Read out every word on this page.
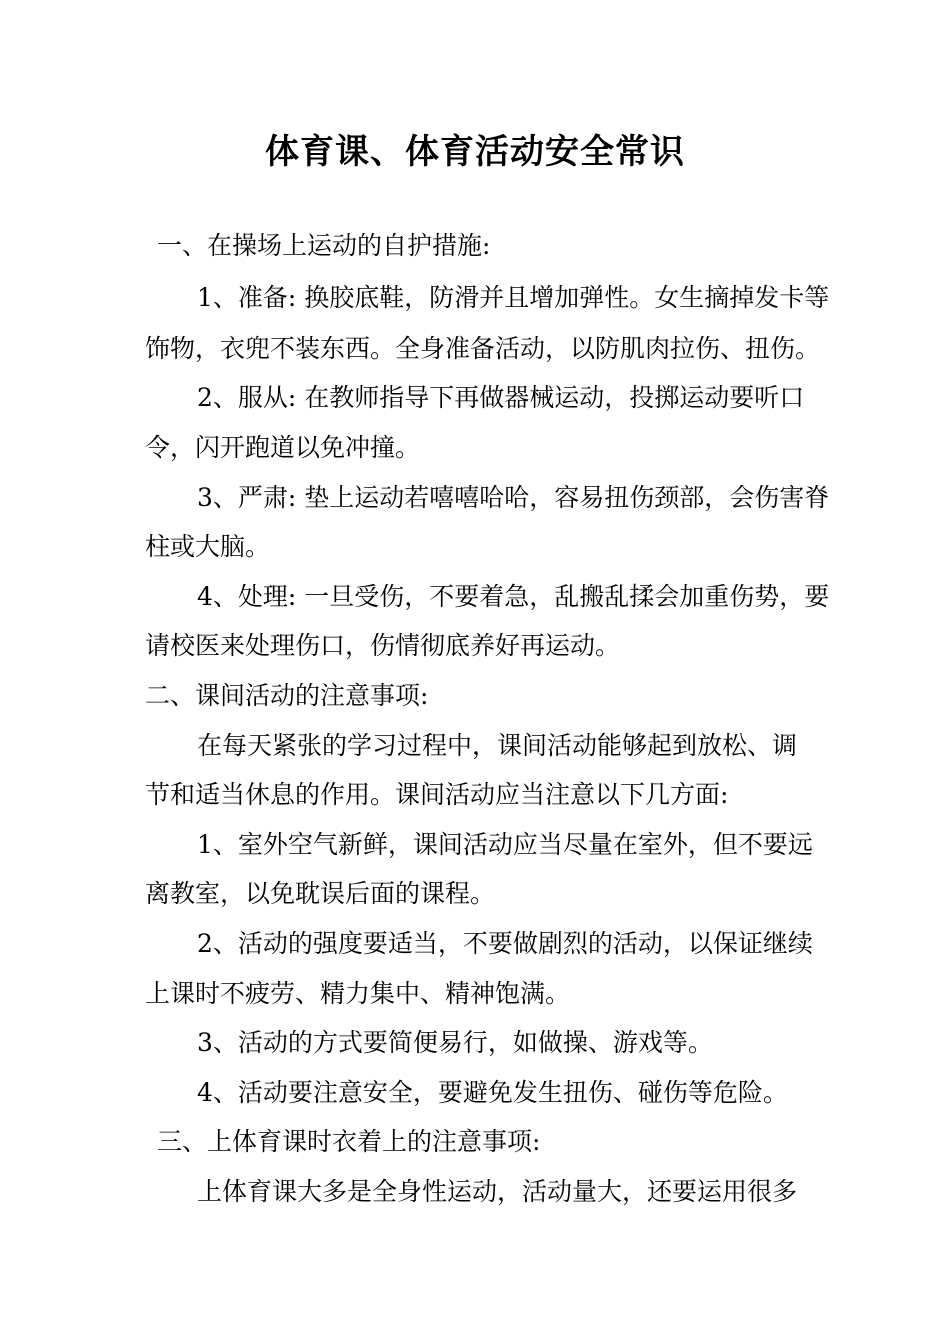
体育课、体育活动安全常识
一、在操场上运动的自护措施:
1、准备: 换胶底鞋，防滑并且增加弹性。女生摘掉发卡等
饰物，衣兜不装东西。全身准备活动，以防肌肉拉伤、扭伤。
2、服从: 在教师指导下再做器械运动，投掷运动要听口
令，闪开跑道以免冲撞。
3、严肃: 垫上运动若嘻嘻哈哈，容易扭伤颈部，会伤害脊
柱或大脑。
4、处理: 一旦受伤，不要着急，乱搬乱揉会加重伤势，要
请校医来处理伤口，伤情彻底养好再运动。
二、课间活动的注意事项:
在每天紧张的学习过程中，课间活动能够起到放松、调
节和适当休息的作用。课间活动应当注意以下几方面:
1、室外空气新鲜，课间活动应当尽量在室外，但不要远
离教室，以免耽误后面的课程。
2、活动的强度要适当，不要做剧烈的活动，以保证继续
上课时不疲劳、精力集中、精神饱满。
3、活动的方式要简便易行，如做操、游戏等。
4、活动要注意安全，要避免发生扭伤、碰伤等危险。
三、上体育课时衣着上的注意事项:
上体育课大多是全身性运动，活动量大，还要运用很多
